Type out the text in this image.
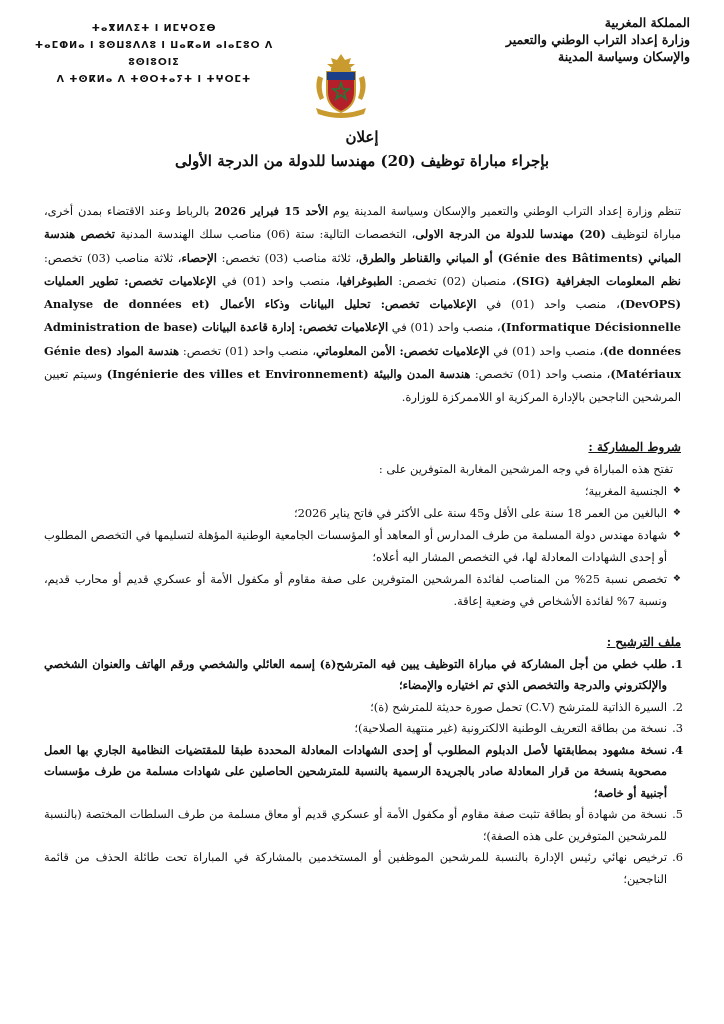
المملكة المغربية
وزارة إعداد التراب الوطني والتعمير
والإسكان وسياسة المدينة
ⵜⴰⴳⵍⴷⵉⵜ ⵏ ⵍⵎⵖⵔⵉⴱ
ⵜⴰⵎⵀⵍⴰ ⵏ ⵓⵙⵡⵓⴷⴷⵓ ⵏ ⵡⴰⴽⴰⵍ ⴰⵏⴰⵎⵓⵔ ⴷ ⵓⵙⵏⵓⵔⵏⵉ
ⴷ ⵜⵙⴽⵍⴰ ⴷ ⵜⵙⵔⵜⴰⵢⵜ ⵏ ⵜⵖⵔⵎⵜ
إعلان
بإجراء مباراة توظيف (20) مهندسا للدولة من الدرجة الأولى
تنظم وزارة إعداد التراب الوطني والتعمير والإسكان وسياسة المدينة يوم الأحد 15 فبراير 2026 بالرباط وعند الاقتضاء بمدن أخرى، مباراة لتوظيف (20) مهندسا للدولة من الدرجة الاولى، التخصصات التالية: ستة (06) مناصب سلك الهندسة المدنية تخصص هندسة المباني (Génie des Bâtiments) أو المباني والقناطر والطرق، ثلاثة مناصب (03) تخصص: الإحصاء، ثلاثة مناصب (03) تخصص: نظم المعلومات الجغرافية (SIG)، منصبان (02) تخصص: الطبوغرافيا، منصب واحد (01) في الإعلاميات تخصص: تطوير العمليات (DevOPS)، منصب واحد (01) في الإعلاميات تخصص: تحليل البيانات وذكاء الأعمال (Analyse de données et Informatique Décisionnelle)، منصب واحد (01) في الإعلاميات تخصص: إدارة قاعدة البيانات (Administration de base de données)، منصب واحد (01) في الإعلاميات تخصص: الأمن المعلوماتي، منصب واحد (01) تخصص: هندسة المواد (Génie des Matériaux)، منصب واحد (01) تخصص: هندسة المدن والبيئة (Ingénierie des villes et Environnement) وسيتم تعيين المرشحين الناجحين بالإدارة المركزية او اللاممركزة للوزارة.

شروط المشاركة :

تفتح هذه المباراة في وجه المرشحين المغاربة المتوفرين على :
❖
الجنسية المغربية؛
❖
البالغين من العمر 18 سنة على الأقل و45 سنة على الأكثر في فاتح يناير 2026؛
❖
شهادة مهندس دولة المسلمة من طرف المدارس أو المعاهد أو المؤسسات الجامعية الوطنية المؤهلة لتسليمها في التخصص المطلوب أو إحدى الشهادات المعادلة لها، في التخصص المشار اليه أعلاه؛
❖
تخصص نسبة 25% من المناصب لفائدة المرشحين المتوفرين على صفة مقاوم أو مكفول الأمة أو عسكري قديم أو محارب قديم، ونسبة 7% لفائدة الأشخاص في وضعية إعاقة.

ملف الترشيح :

1.
طلب خطي من أجل المشاركة في مباراة التوظيف يبين فيه المترشح(ة) إسمه العائلي والشخصي ورقم الهاتف والعنوان الشخصي والإلكتروني والدرجة والتخصص الذي تم اختياره والإمضاء؛
2.
السيرة الذاتية للمترشح (C.V) تحمل صورة حديثة للمترشح (ة)؛
3.
نسخة من بطاقة التعريف الوطنية الالكترونية (غير منتهية الصلاحية)؛
4.
نسخة مشهود بمطابقتها لأصل الدبلوم المطلوب أو إحدى الشهادات المعادلة المحددة طبقا للمقتضيات النظامية الجاري بها العمل مصحوبة بنسخة من قرار المعادلة صادر بالجريدة الرسمية بالنسبة للمترشحين الحاصلين على شهادات مسلمة من طرف مؤسسات أجنبية أو خاصة؛
5.
نسخة من شهادة أو بطاقة تثبت صفة مقاوم أو مكفول الأمة أو عسكري قديم أو معاق مسلمة من طرف السلطات المختصة (بالنسبة للمرشحين المتوفرين على هذه الصفة)؛
6.
ترخيص نهائي رئيس الإدارة بالنسبة للمرشحين الموظفين أو المستخدمين بالمشاركة في المباراة تحت طائلة الحذف من قائمة الناجحين؛
